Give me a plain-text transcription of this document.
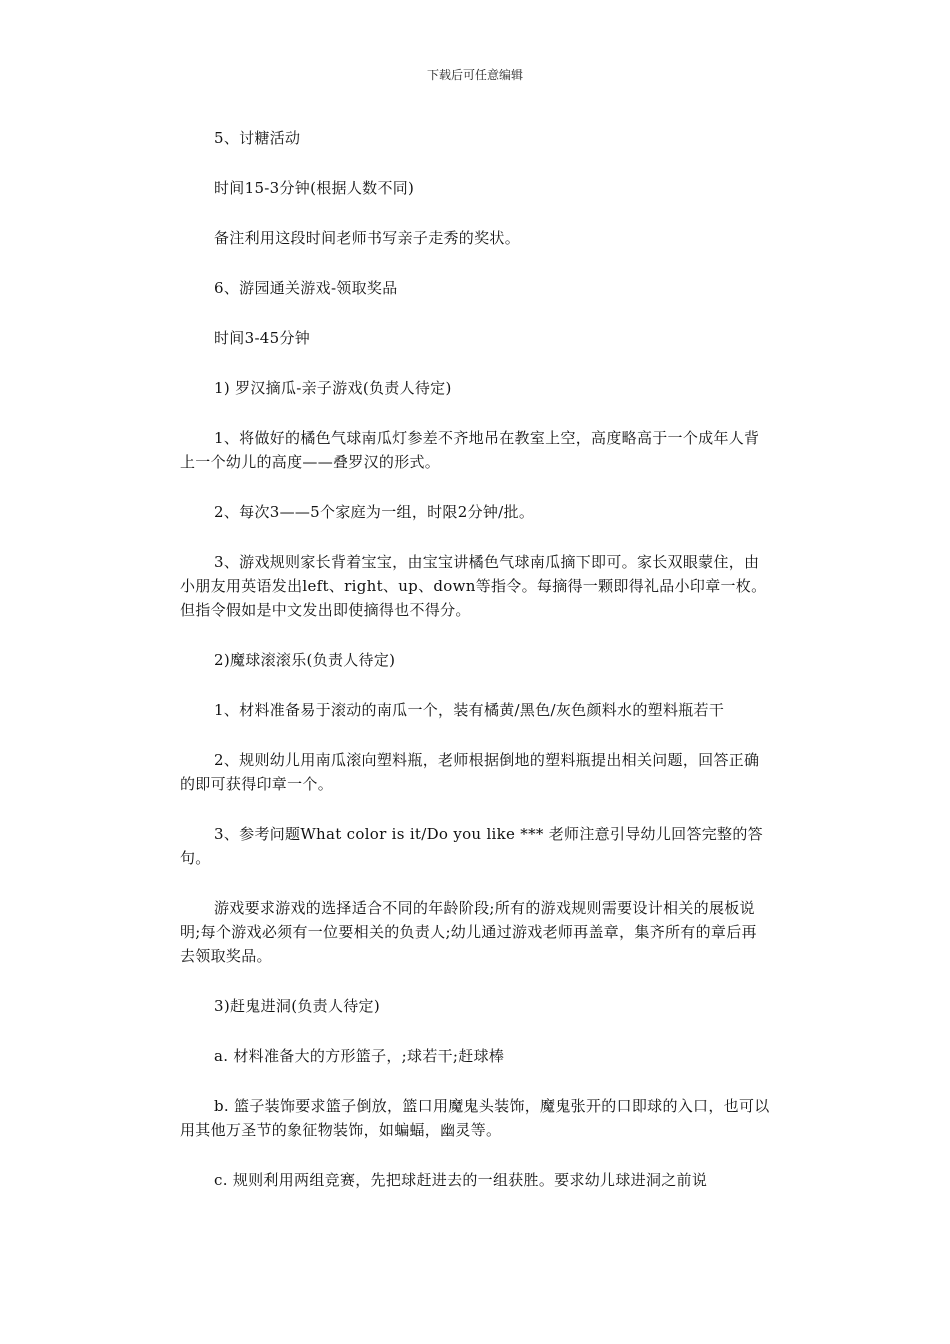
下载后可任意编辑

5、讨糖活动

时间15-3分钟(根据人数不同)

备注利用这段时间老师书写亲子走秀的奖状。

6、游园通关游戏-领取奖品

时间3-45分钟

1) 罗汉摘瓜-亲子游戏(负责人待定)

1、将做好的橘色气球南瓜灯参差不齐地吊在教室上空，高度略高于一个成年人背上一个幼儿的高度——叠罗汉的形式。

2、每次3——5个家庭为一组，时限2分钟/批。

3、游戏规则家长背着宝宝，由宝宝讲橘色气球南瓜摘下即可。家长双眼蒙住，由小朋友用英语发出left、right、up、down等指令。每摘得一颗即得礼品小印章一枚。但指令假如是中文发出即使摘得也不得分。

2)魔球滚滚乐(负责人待定)

1、材料准备易于滚动的南瓜一个，装有橘黄/黑色/灰色颜料水的塑料瓶若干

2、规则幼儿用南瓜滚向塑料瓶，老师根据倒地的塑料瓶提出相关问题，回答正确的即可获得印章一个。

3、参考问题What color is it/Do you like *** 老师注意引导幼儿回答完整的答句。

游戏要求游戏的选择适合不同的年龄阶段;所有的游戏规则需要设计相关的展板说明;每个游戏必须有一位要相关的负责人;幼儿通过游戏老师再盖章，集齐所有的章后再去领取奖品。

3)赶鬼进洞(负责人待定)

a. 材料准备大的方形篮子，;球若干;赶球棒

b. 篮子装饰要求篮子倒放，篮口用魔鬼头装饰，魔鬼张开的口即球的入口，也可以用其他万圣节的象征物装饰，如蝙蝠，幽灵等。

c. 规则利用两组竞赛，先把球赶进去的一组获胜。要求幼儿球进洞之前说
